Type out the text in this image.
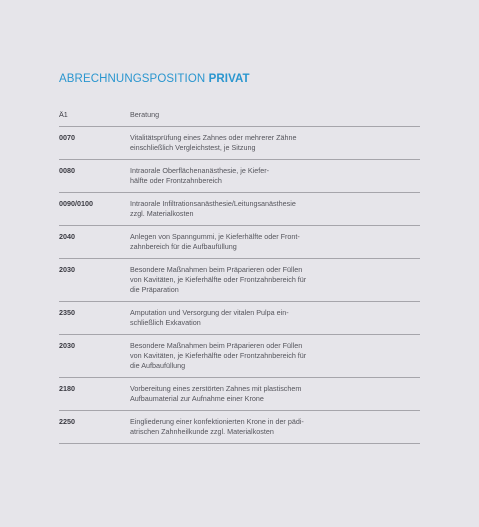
ABRECHNUNGSPOSITION PRIVAT
Ä1	Beratung
0070	Vitalitätsprüfung eines Zahnes oder mehrerer Zähne
einschließlich Vergleichstest, je Sitzung
0080	Intraorale Oberflächenanästhesie, je Kiefer-
hälfte oder Frontzahnbereich
0090/0100	Intraorale Infiltrationsanästhesie/Leitungsanästhesie
zzgl. Materialkosten
2040	Anlegen von Spanngummi, je Kieferhälfte oder Front-
zahnbereich für die Aufbaufüllung
2030	Besondere Maßnahmen beim Präparieren oder Füllen
von Kavitäten, je Kieferhälfte oder Frontzahnbereich für
die Präparation
2350	Amputation und Versorgung der vitalen Pulpa ein-
schließlich Exkavation
2030	Besondere Maßnahmen beim Präparieren oder Füllen
von Kavitäten, je Kieferhälfte oder Frontzahnbereich für
die Aufbaufüllung
2180	Vorbereitung eines zerstörten Zahnes mit plastischem
Aufbaumaterial zur Aufnahme einer Krone
2250	Eingliederung einer konfektionierten Krone in der pädi-
atrischen Zahnheilkunde zzgl. Materialkosten
